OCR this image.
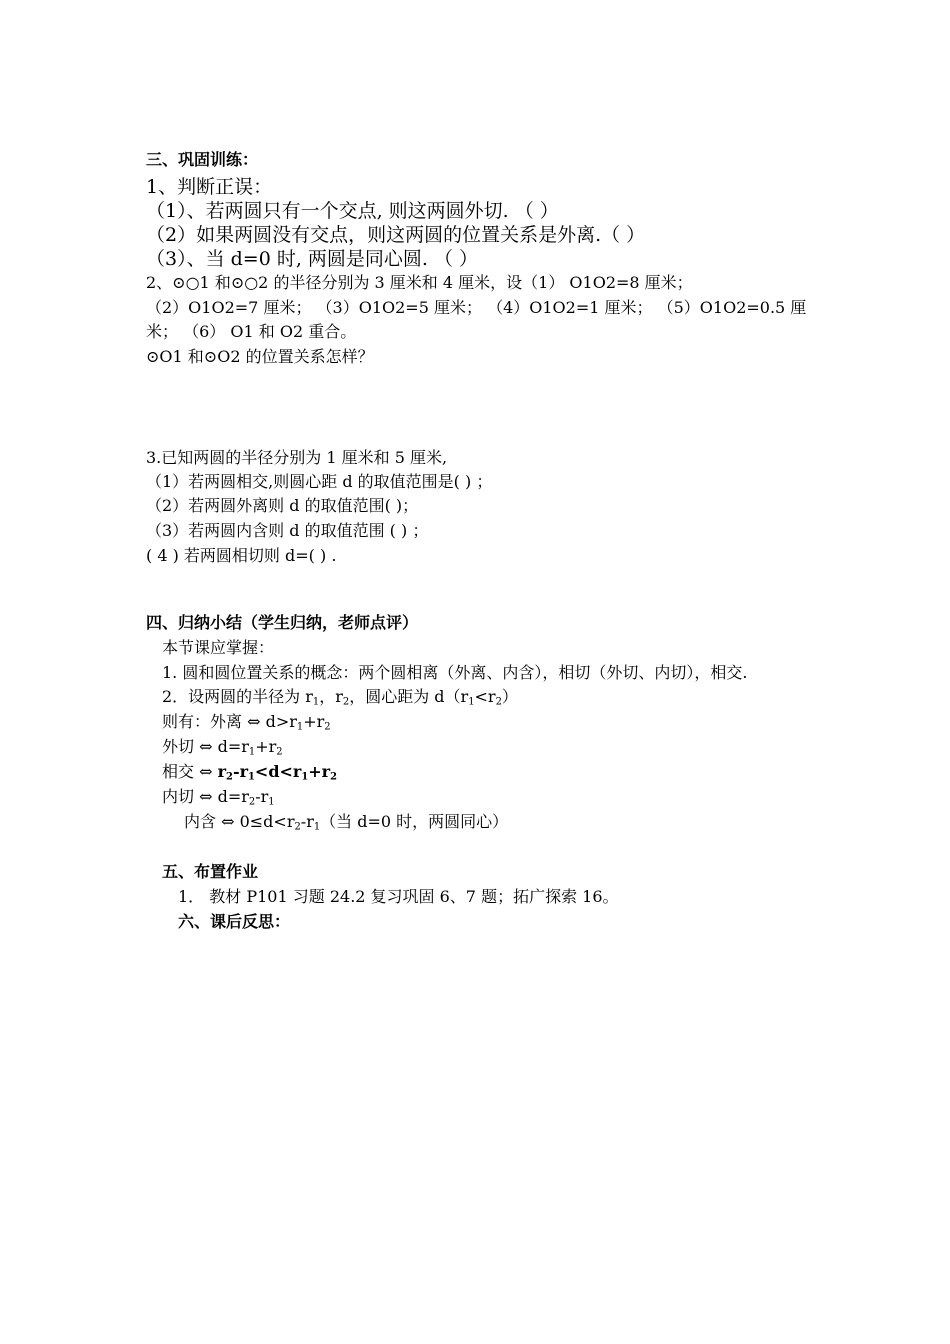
三、巩固训练：
1、判断正误：
（1）、若两圆只有一个交点, 则这两圆外切. （ ）
（2）如果两圆没有交点，则这两圆的位置关系是外离.（ ）
（3）、当 d=0 时, 两圆是同心圆. （ ）
2、⊙○1 和⊙○2 的半径分别为 3 厘米和 4 厘米，设（1） O1O2=8 厘米；
（2）O1O2=7 厘米； （3）O1O2=5 厘米； （4）O1O2=1 厘米； （5）O1O2=0.5 厘
米； （6） O1 和 O2 重合。
⊙O1 和⊙O2 的位置关系怎样？
3.已知两圆的半径分别为 1 厘米和 5 厘米,
（1）若两圆相交,则圆心距 d 的取值范围是( ) ；
（2）若两圆外离则 d 的取值范围( )；
（3）若两圆内含则 d 的取值范围 ( ) ；
( 4 ) 若两圆相切则 d=( ) .
四、归纳小结（学生归纳，老师点评）
本节课应掌握：
1. 圆和圆位置关系的概念：两个圆相离（外离、内含），相切（外切、内切），相交.
2．设两圆的半径为 $r_1$，$r_2$，圆心距为 $d(r_1<r_2)$
则有：外离 ⇔ $d>r_1+r_2$
外切 ⇔ $d=r_1+r_2$
相交 ⇔ $r_2-r_1<d<r_1+r_2$
内切 ⇔ $d=r_2-r_1$
内含 ⇔ $0\le d<r_2-r_1$（当 d=0 时，两圆同心）
五、布置作业
1． 教材 P101 习题 24.2 复习巩固 6、7 题；拓广探索 16。
六、课后反思：
